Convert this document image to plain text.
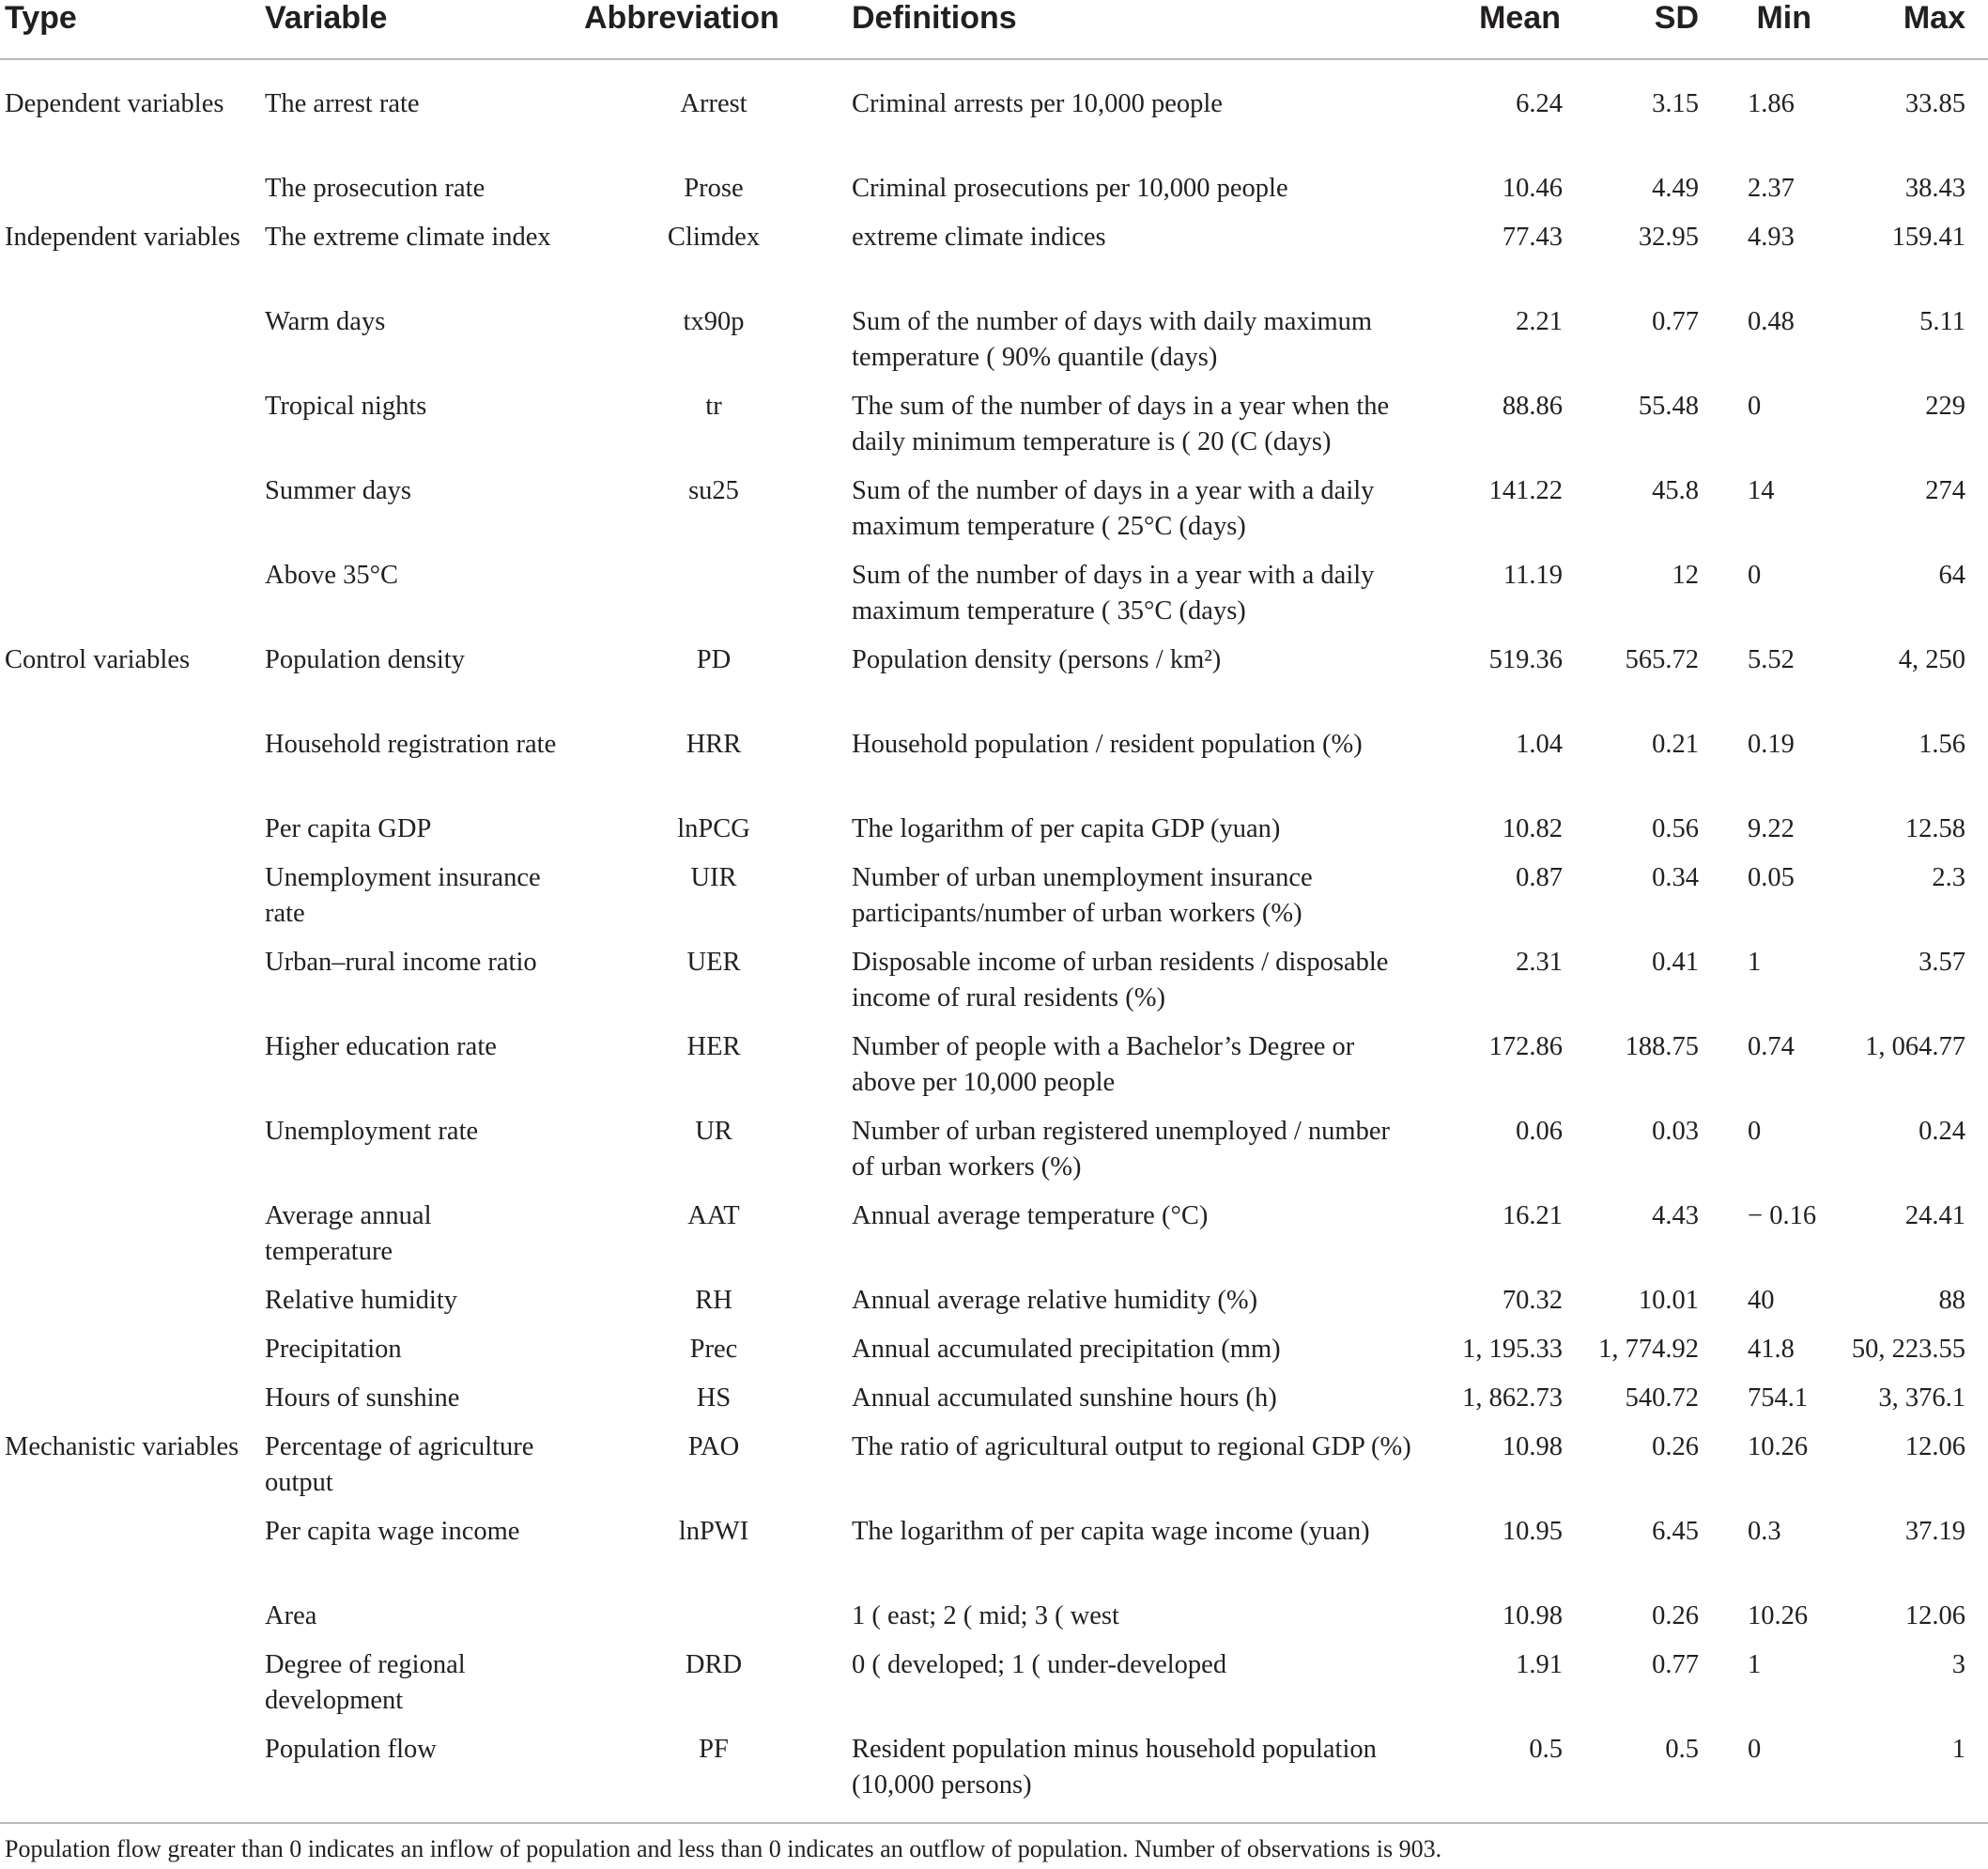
Type	Variable	Abbreviation	Definitions	Mean	SD	Min	Max
Dependent variables	The arrest rate	Arrest	Criminal arrests per 10,000 people	6.24	3.15	1.86	33.85
	The prosecution rate	Prose	Criminal prosecutions per 10,000 people	10.46	4.49	2.37	38.43
Independent variables	The extreme climate index	Climdex	extreme climate indices	77.43	32.95	4.93	159.41
	Warm days	tx90p	Sum of the number of days with daily maximum temperature ( 90% quantile (days)	2.21	0.77	0.48	5.11
	Tropical nights	tr	The sum of the number of days in a year when the daily minimum temperature is ( 20 (C (days)	88.86	55.48	0	229
	Summer days	su25	Sum of the number of days in a year with a daily maximum temperature ( 25°C (days)	141.22	45.8	14	274
	Above 35°C		Sum of the number of days in a year with a daily maximum temperature ( 35°C (days)	11.19	12	0	64
Control variables	Population density	PD	Population density (persons / km²)	519.36	565.72	5.52	4, 250
	Household registration rate	HRR	Household population / resident population (%)	1.04	0.21	0.19	1.56
	Per capita GDP	lnPCG	The logarithm of per capita GDP (yuan)	10.82	0.56	9.22	12.58
	Unemployment insurance rate	UIR	Number of urban unemployment insurance participants/number of urban workers (%)	0.87	0.34	0.05	2.3
	Urban–rural income ratio	UER	Disposable income of urban residents / disposable income of rural residents (%)	2.31	0.41	1	3.57
	Higher education rate	HER	Number of people with a Bachelor’s Degree or above per 10,000 people	172.86	188.75	0.74	1, 064.77
	Unemployment rate	UR	Number of urban registered unemployed / number of urban workers (%)	0.06	0.03	0	0.24
	Average annual temperature	AAT	Annual average temperature (°C)	16.21	4.43	− 0.16	24.41
	Relative humidity	RH	Annual average relative humidity (%)	70.32	10.01	40	88
	Precipitation	Prec	Annual accumulated precipitation (mm)	1, 195.33	1, 774.92	41.8	50, 223.55
	Hours of sunshine	HS	Annual accumulated sunshine hours (h)	1, 862.73	540.72	754.1	3, 376.1
Mechanistic variables	Percentage of agriculture output	PAO	The ratio of agricultural output to regional GDP (%)	10.98	0.26	10.26	12.06
	Per capita wage income	lnPWI	The logarithm of per capita wage income (yuan)	10.95	6.45	0.3	37.19
	Area		1 ( east; 2 ( mid; 3 ( west	10.98	0.26	10.26	12.06
	Degree of regional development	DRD	0 ( developed; 1 ( under-developed	1.91	0.77	1	3
	Population flow	PF	Resident population minus household population (10,000 persons)	0.5	0.5	0	1
Population flow greater than 0 indicates an inflow of population and less than 0 indicates an outflow of population. Number of observations is 903.
